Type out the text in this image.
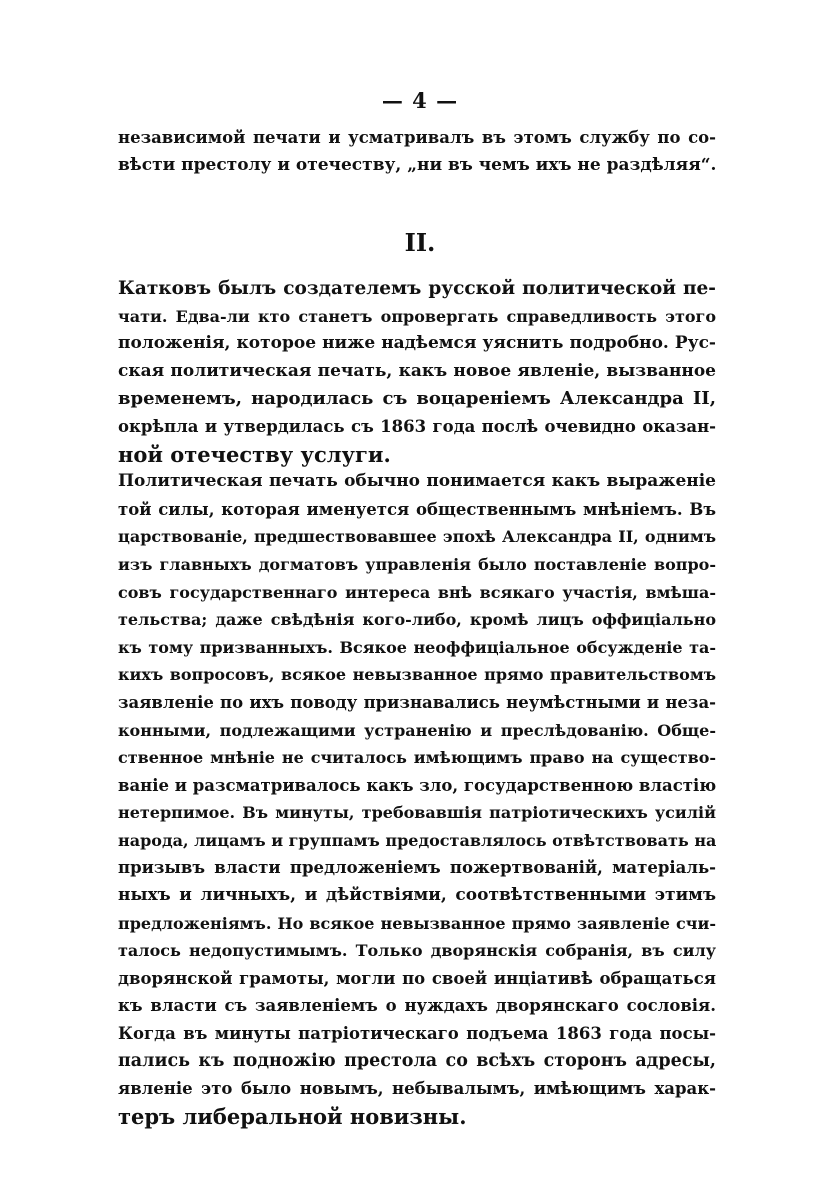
— 4 —
независимой печати и усматривалъ въ этомъ службу по со-
вѣсти престолу и отечеству, „ни въ чемъ ихъ не раздѣляя“.
II.
Катковъ былъ создателемъ русской политической пе-
чати. Едва-ли кто станетъ опровергать справедливость этого
положенія, которое ниже надѣемся уяснить подробно. Рус-
ская политическая печать, какъ новое явленіе, вызванное
временемъ, народилась съ воцареніемъ Александра II,
окрѣпла и утвердилась съ 1863 года послѣ очевидно оказан-
ной отечеству услуги.
Политическая печать обычно понимается какъ выраженіе
той силы, которая именуется общественнымъ мнѣніемъ. Въ
царствованіе, предшествовавшее эпохѣ Александра II, однимъ
изъ главныхъ догматовъ управленія было поставленіе вопро-
совъ государственнаго интереса внѣ всякаго участія, вмѣша-
тельства; даже свѣдѣнія кого-либо, кромѣ лицъ оффиціально
къ тому призванныхъ. Всякое неоффиціальное обсужденіе та-
кихъ вопросовъ, всякое невызванное прямо правительствомъ
заявленіе по ихъ поводу признавались неумѣстными и неза-
конными, подлежащими устраненію и преслѣдованію. Обще-
ственное мнѣніе не считалось имѣющимъ право на существо-
ваніе и разсматривалось какъ зло, государственною властію
нетерпимое. Въ минуты, требовавшія патріотическихъ усилій
народа, лицамъ и группамъ предоставлялось отвѣтствовать на
призывъ власти предложеніемъ пожертвованій, матеріаль-
ныхъ и личныхъ, и дѣйствіями, соотвѣтственными этимъ
предложеніямъ. Но всякое невызванное прямо заявленіе счи-
талось недопустимымъ. Только дворянскія собранія, въ силу
дворянской грамоты, могли по своей инціативѣ обращаться
къ власти съ заявленіемъ о нуждахъ дворянскаго сословія.
Когда въ минуты патріотическаго подъема 1863 года посы-
пались къ подножію престола со всѣхъ сторонъ адресы,
явленіе это было новымъ, небывалымъ, имѣющимъ харак-
теръ либеральной новизны.
